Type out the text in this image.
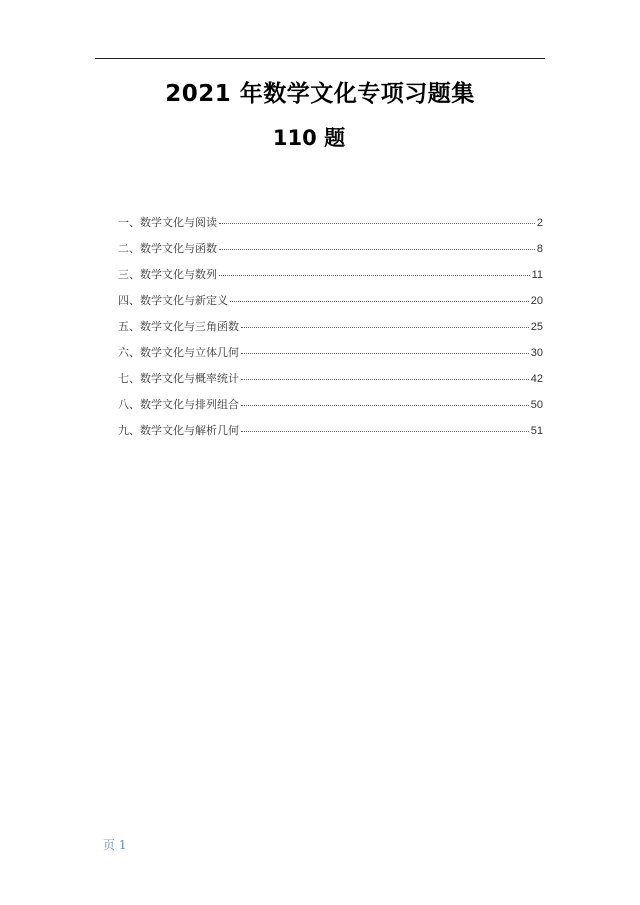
2021 年数学文化专项习题集
110 题
一、数学文化与阅读	2
二、数学文化与函数	8
三、数学文化与数列	11
四、数学文化与新定义	20
五、数学文化与三角函数	25
六、数学文化与立体几何	30
七、数学文化与概率统计	42
八、数学文化与排列组合	50
九、数学文化与解析几何	51
页 1
